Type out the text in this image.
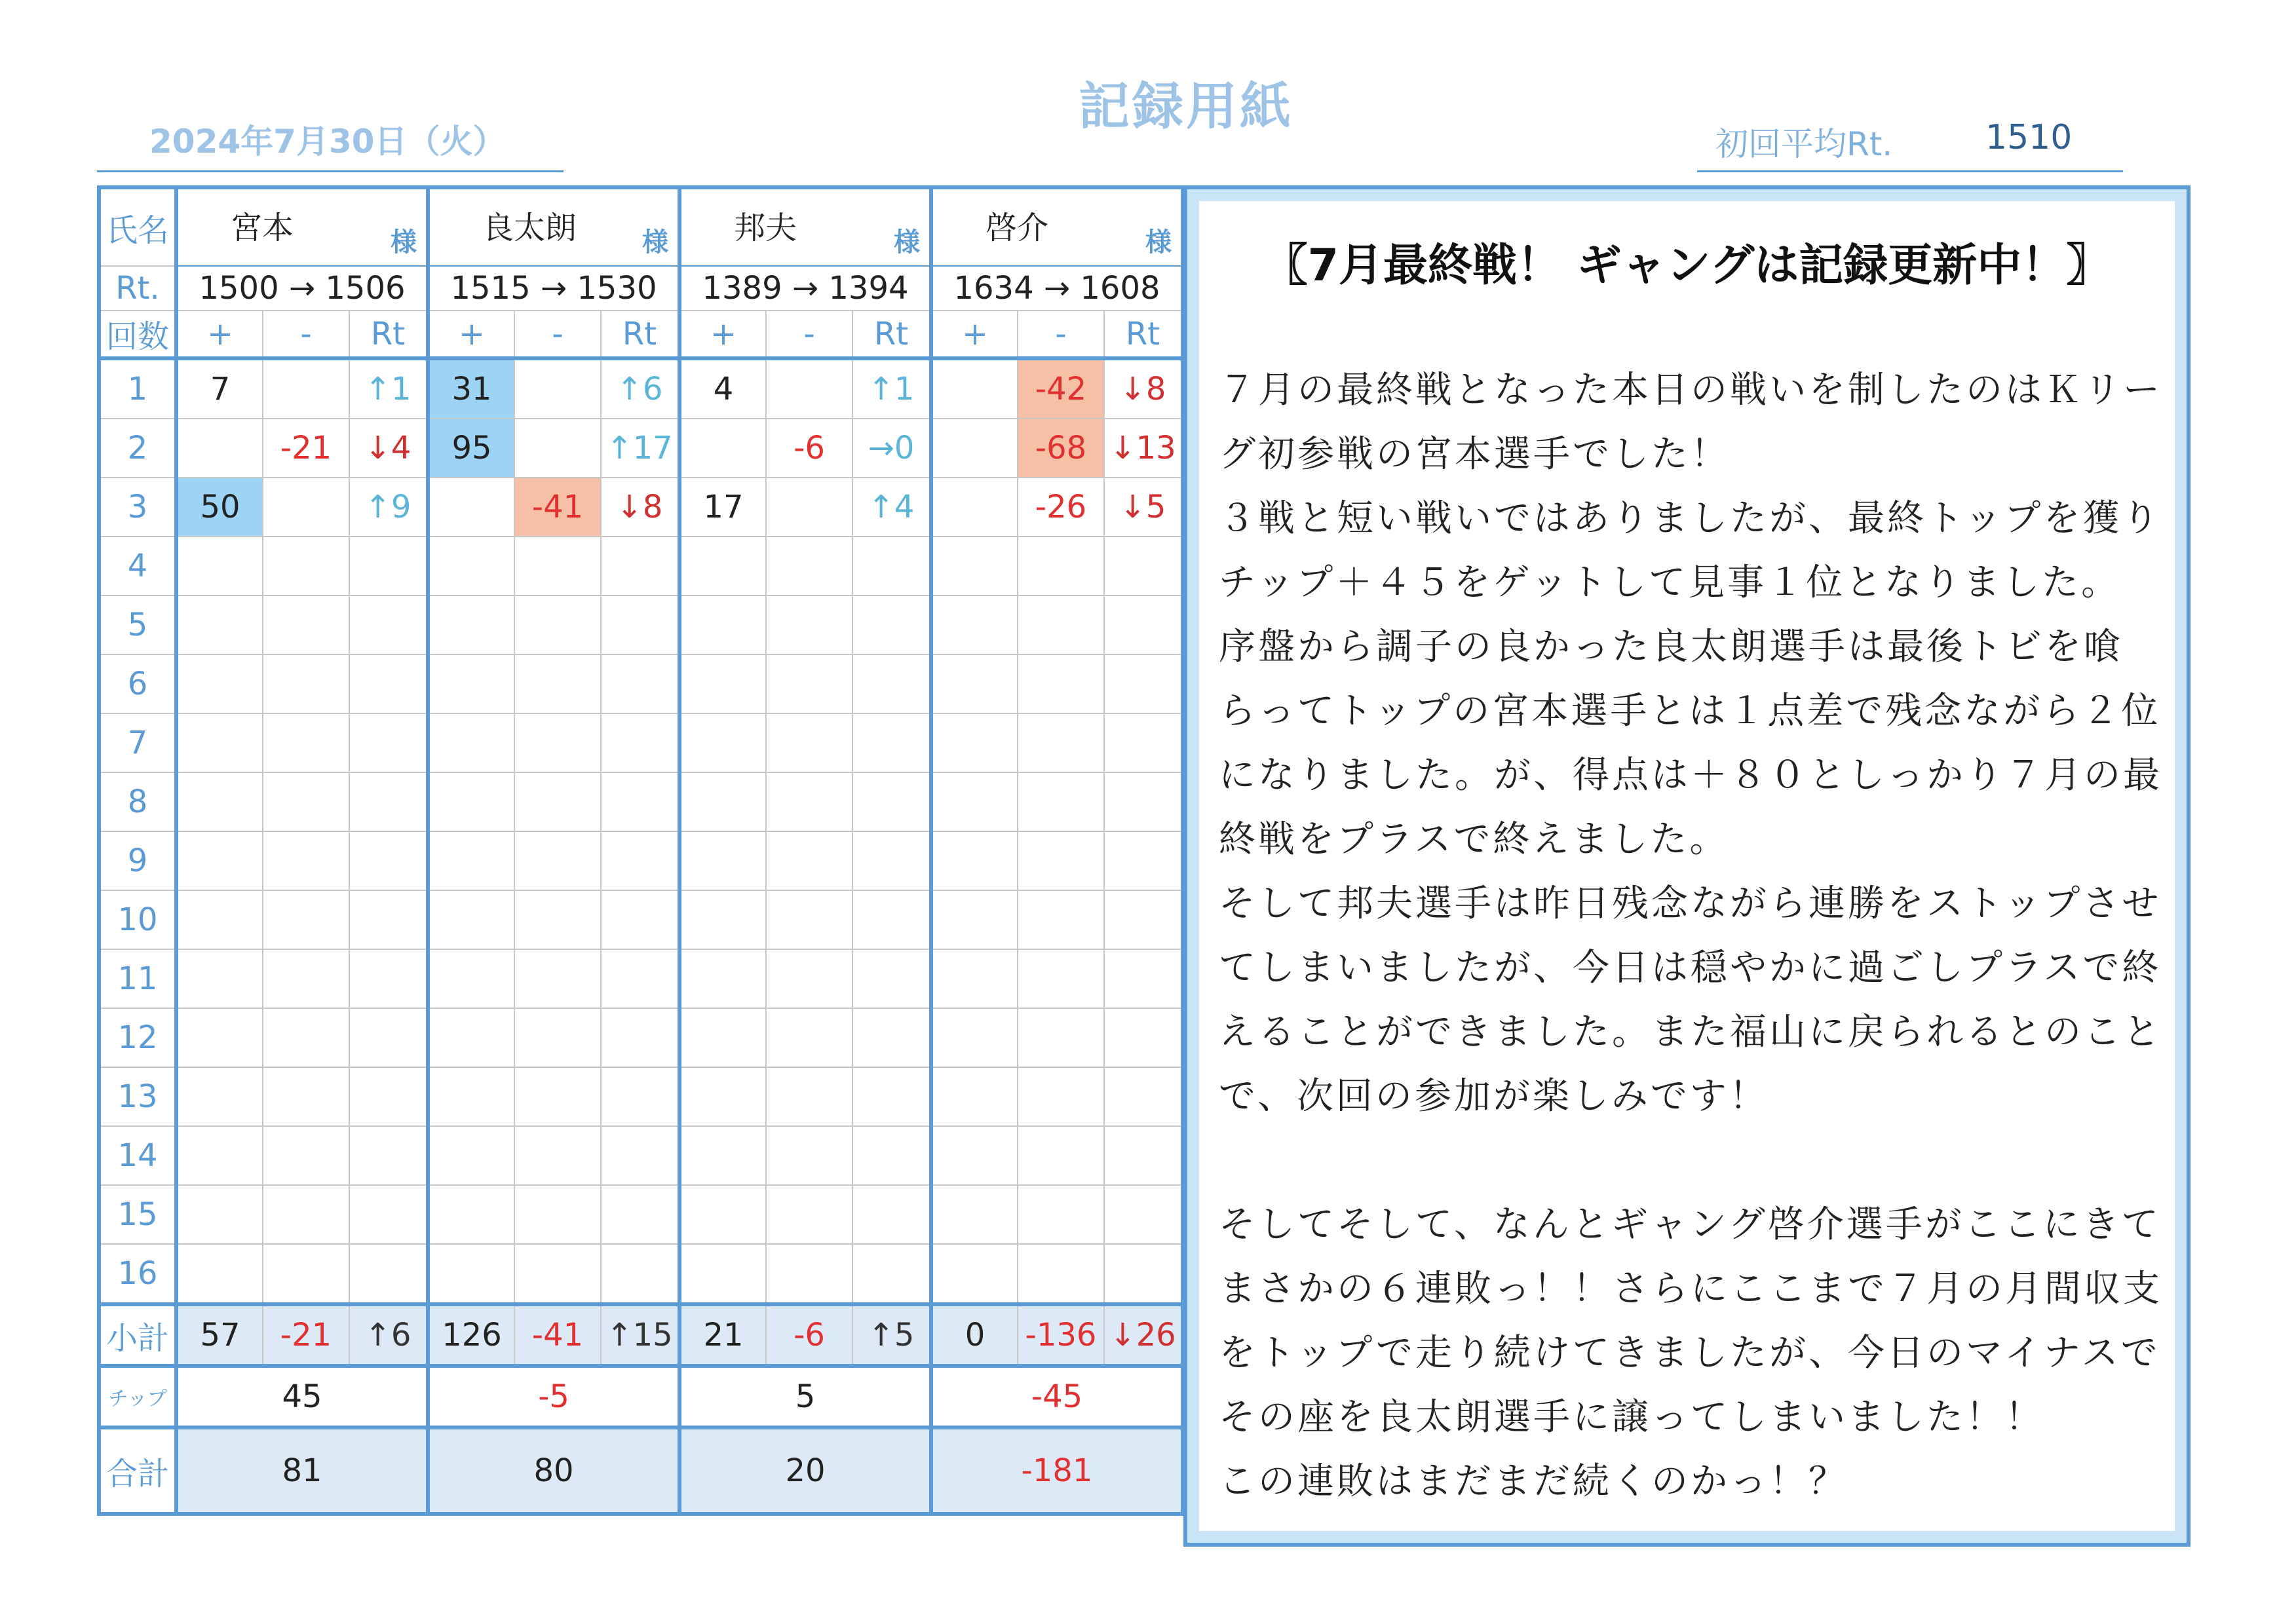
記録用紙
2024年7月30日（火）	初回平均Rt.	1510
氏名	宮本 様			良太朗 様			邦夫 様			啓介 様		

Rt.	1500 → 1506			1515 → 1530			1389 → 1394			1634 → 1608		
回数	+	-	Rt	+	-	Rt	+	-	Rt	+	-	Rt
1	7		↑1	31		↑6	4		↑1		-42	↓8
2		-21	↓4	95		↑17		-6	→0		-68	↓13
3	50		↑9		-41	↓8	17		↑4		-26	↓5
4												
5												
6												
7												
8												
9												
10												
11												
12												
13												
14												
15												
16												
小計	57	-21	↑6	126	-41	↑15	21	-6	↑5	0	-136	↓26
チップ	45			-5			5			-45		
合計	81			80			20			-181		
〖7月最終戦！ ギャングは記録更新中！〗
７月の最終戦となった本日の戦いを制したのはＫリー
グ初参戦の宮本選手でした！
３戦と短い戦いではありましたが、最終トップを獲り
チップ＋４５をゲットして見事１位となりました。
序盤から調子の良かった良太朗選手は最後トビを喰
らってトップの宮本選手とは１点差で残念ながら２位
になりました。が、得点は＋８０としっかり７月の最
終戦をプラスで終えました。
そして邦夫選手は昨日残念ながら連勝をストップさせ
てしまいましたが、今日は穏やかに過ごしプラスで終
えることができました。また福山に戻られるとのこと
で、次回の参加が楽しみです！

そしてそして、なんとギャング啓介選手がここにきて
まさかの６連敗っ！！さらにここまで７月の月間収支
をトップで走り続けてきましたが、今日のマイナスで
その座を良太朗選手に譲ってしまいました！！
この連敗はまだまだ続くのかっ！？
